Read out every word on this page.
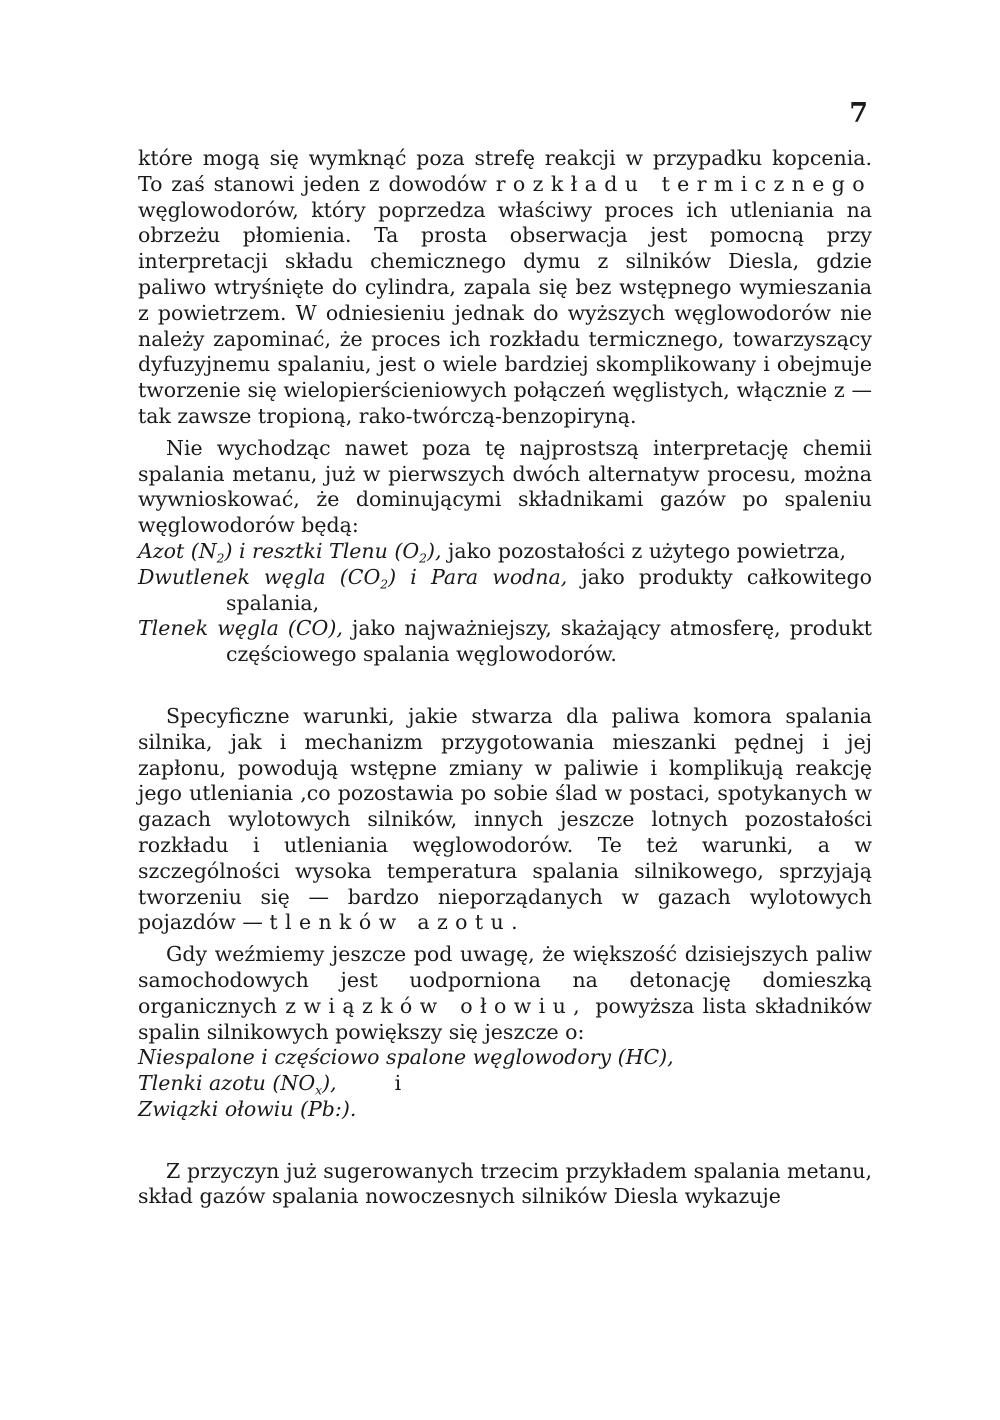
7

które mogą się wymknąć poza strefę reakcji w przypadku kopcenia. To zaś stanowi jeden z dowodów rozkładu termicznego węglowodorów, który poprzedza właściwy proces ich utleniania na obrzeżu płomienia. Ta prosta obserwacja jest pomocną przy interpretacji składu chemicznego dymu z silników Diesla, gdzie paliwo wtryśnięte do cylindra, zapala się bez wstępnego wymieszania z powietrzem. W odniesieniu jednak do wyższych węglowodorów nie należy zapominać, że proces ich rozkładu termicznego, towarzyszący dyfuzyjnemu spalaniu, jest o wiele bardziej skomplikowany i obejmuje tworzenie się wielopierścieniowych połączeń węglistych, włącznie z — tak zawsze tropioną, rako-twórczą-benzopiryną.

Nie wychodząc nawet poza tę najprostszą interpretację chemii spalania metanu, już w pierwszych dwóch alternatyw procesu, można wywnioskować, że dominującymi składnikami gazów po spaleniu węglowodorów będą:

Azot $(N_2)$ i resztki Tlenu $(O_2)$, jako pozostałości z użytego powietrza,

Dwutlenek węgla $(CO_2)$ i Para wodna, jako produkty całkowitego spalania,

Tlenek węgla (CO), jako najważniejszy, skażający atmosferę, produkt częściowego spalania węglowodorów.

Specyficzne warunki, jakie stwarza dla paliwa komora spalania silnika, jak i mechanizm przygotowania mieszanki pędnej i jej zapłonu, powodują wstępne zmiany w paliwie i komplikują reakcję jego utleniania ,co pozostawia po sobie ślad w postaci, spotykanych w gazach wylotowych silników, innych jeszcze lotnych pozostałości rozkładu i utleniania węglowodorów. Te też warunki, a w szczególności wysoka temperatura spalania silnikowego, sprzyjają tworzeniu się — bardzo nieporządanych w gazach wylotowych pojazdów — tlenków azotu.

Gdy weźmiemy jeszcze pod uwagę, że większość dzisiejszych paliw samochodowych jest uodporniona na detonację domieszką organicznych związków ołowiu, powyższa lista składników spalin silnikowych powiększy się jeszcze o:

Niespalone i częściowo spalone węglowodory (HC),

Tlenki azotu $(NO_x)$,	i

Związki ołowiu (Pb:).

Z przyczyn już sugerowanych trzecim przykładem spalania metanu, skład gazów spalania nowoczesnych silników Diesla wykazuje
